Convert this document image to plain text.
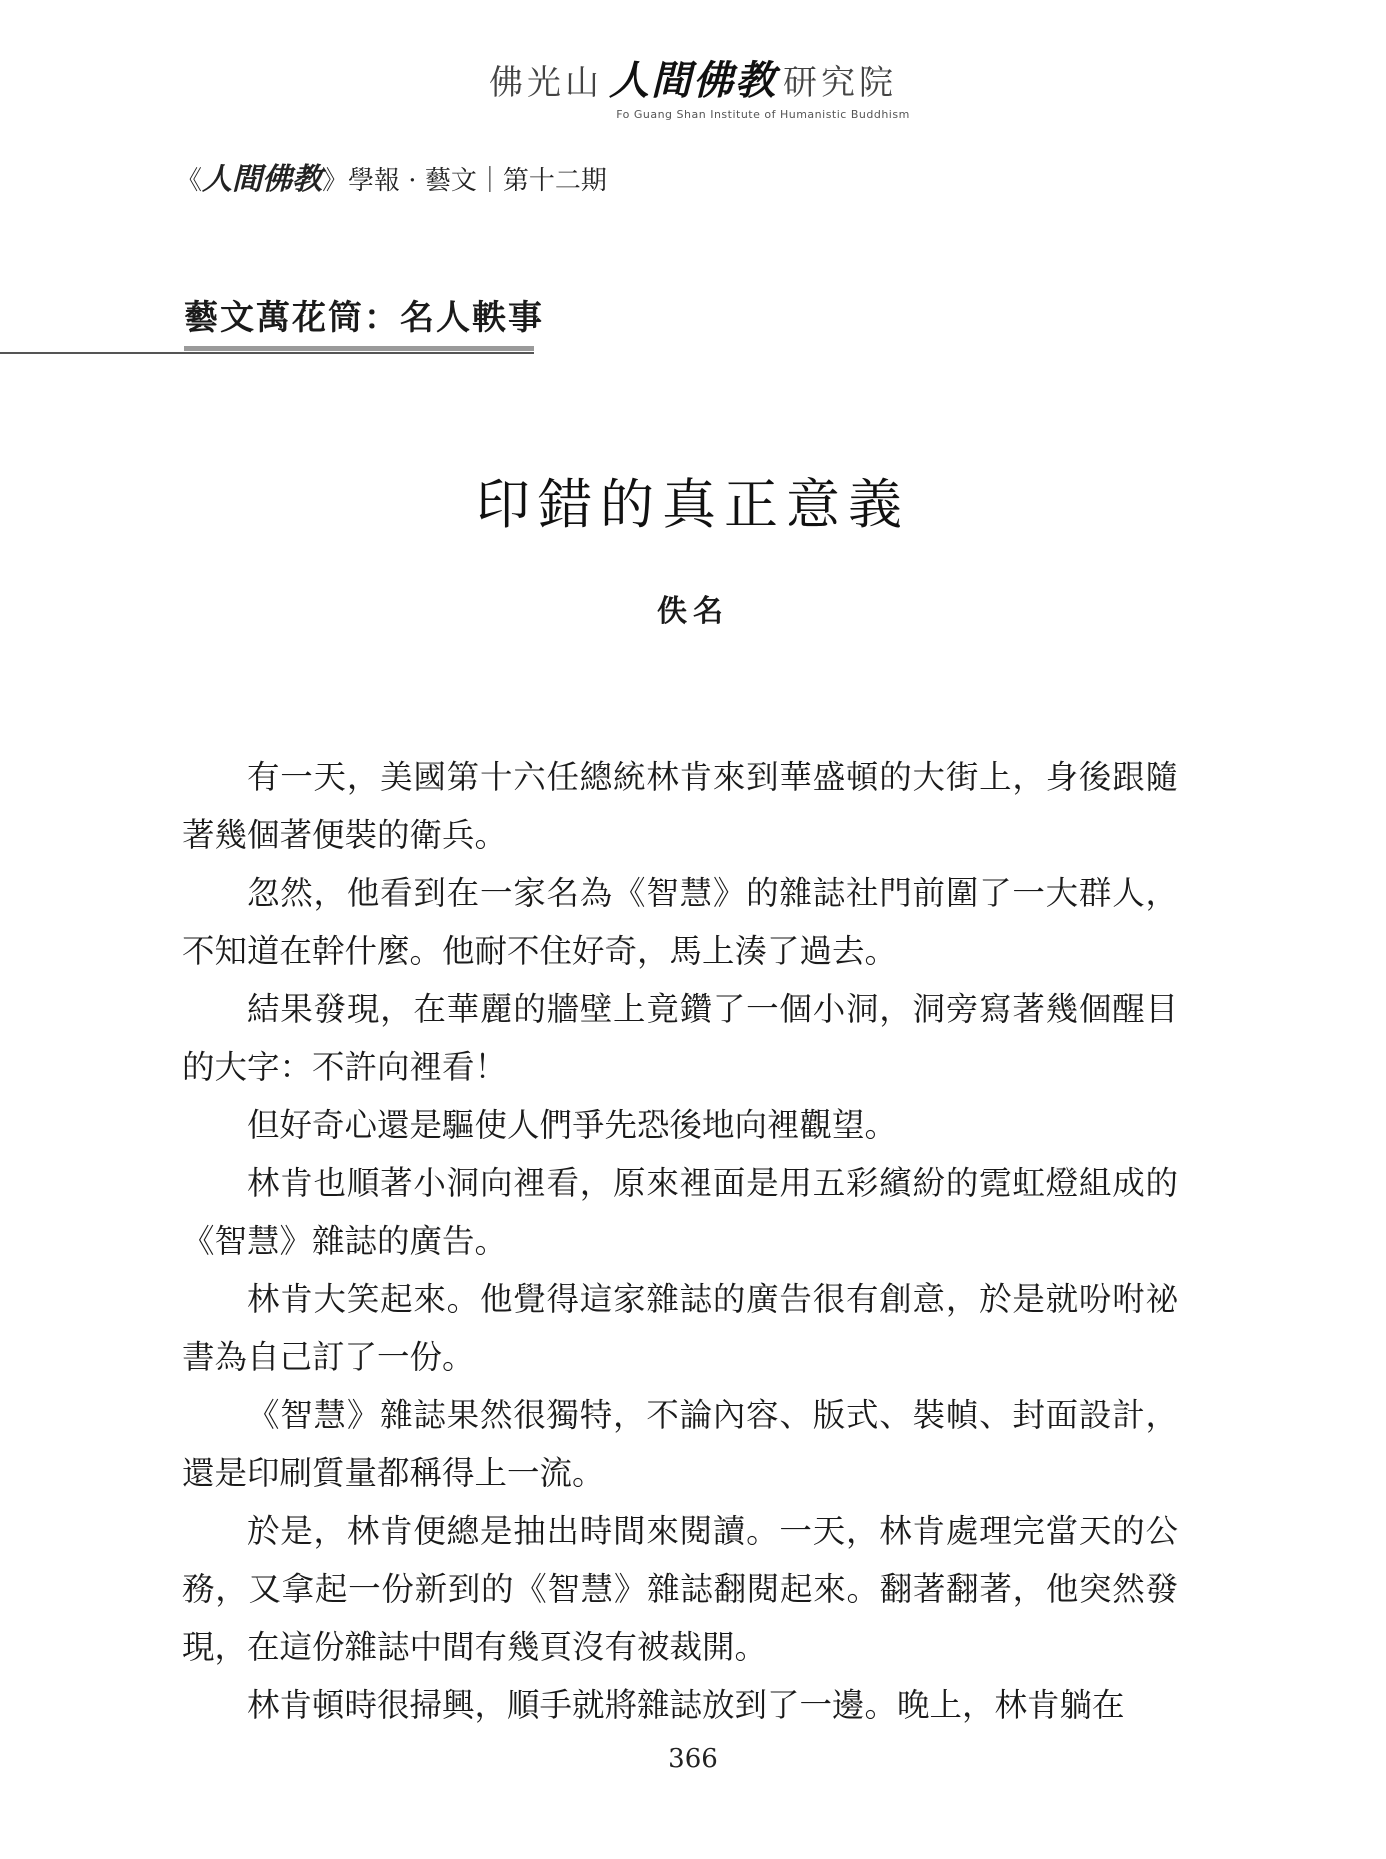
佛光山 人間佛教 研究院
Fo Guang Shan Institute of Humanistic Buddhism
《人間佛教》學報 · 藝文｜第十二期
藝文萬花筒：名人軼事
印錯的真正意義
佚名

有一天，美國第十六任總統林肯來到華盛頓的大街上，身後跟隨著幾個著便裝的衛兵。

忽然，他看到在一家名為《智慧》的雜誌社門前圍了一大群人，不知道在幹什麼。他耐不住好奇，馬上湊了過去。

結果發現，在華麗的牆壁上竟鑽了一個小洞，洞旁寫著幾個醒目的大字：不許向裡看！

但好奇心還是驅使人們爭先恐後地向裡觀望。

林肯也順著小洞向裡看，原來裡面是用五彩繽紛的霓虹燈組成的《智慧》雜誌的廣告。

林肯大笑起來。他覺得這家雜誌的廣告很有創意，於是就吩咐祕書為自己訂了一份。

《智慧》雜誌果然很獨特，不論內容、版式、裝幀、封面設計，還是印刷質量都稱得上一流。

於是，林肯便總是抽出時間來閱讀。一天，林肯處理完當天的公務，又拿起一份新到的《智慧》雜誌翻閱起來。翻著翻著，他突然發現，在這份雜誌中間有幾頁沒有被裁開。

林肯頓時很掃興，順手就將雜誌放到了一邊。晚上，林肯躺在

366
